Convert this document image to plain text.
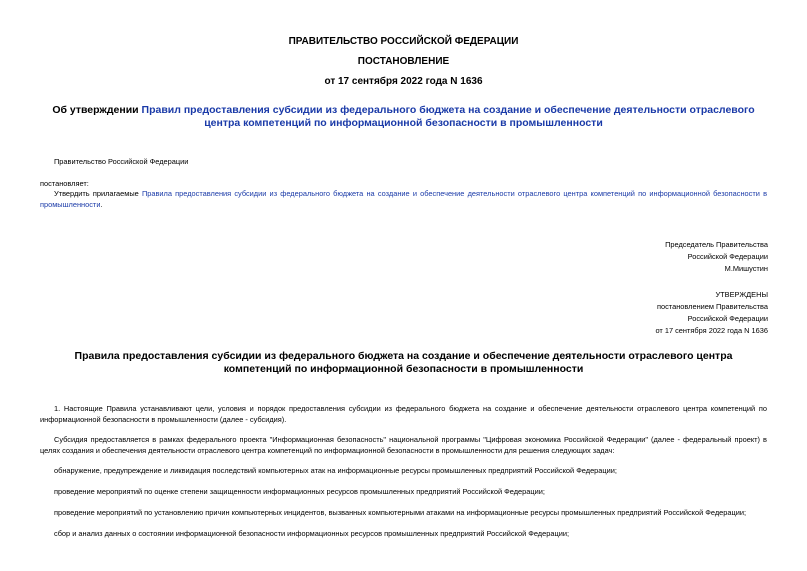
ПРАВИТЕЛЬСТВО РОССИЙСКОЙ ФЕДЕРАЦИИ
ПОСТАНОВЛЕНИЕ
от 17 сентября 2022 года N 1636
Об утверждении Правил предоставления субсидии из федерального бюджета на создание и обеспечение деятельности отраслевого центра компетенций по информационной безопасности в промышленности
Правительство Российской Федерации
постановляет:
Утвердить прилагаемые Правила предоставления субсидии из федерального бюджета на создание и обеспечение деятельности отраслевого центра компетенций по информационной безопасности в промышленности.
Председатель Правительства
Российской Федерации
М.Мишустин
УТВЕРЖДЕНЫ
постановлением Правительства
Российской Федерации
от 17 сентября 2022 года N 1636
Правила предоставления субсидии из федерального бюджета на создание и обеспечение деятельности отраслевого центра компетенций по информационной безопасности в промышленности
1. Настоящие Правила устанавливают цели, условия и порядок предоставления субсидии из федерального бюджета на создание и обеспечение деятельности отраслевого центра компетенций по информационной безопасности в промышленности (далее - субсидия).
Субсидия предоставляется в рамках федерального проекта "Информационная безопасность" национальной программы "Цифровая экономика Российской Федерации" (далее - федеральный проект) в целях создания и обеспечения деятельности отраслевого центра компетенций по информационной безопасности в промышленности для решения следующих задач:
обнаружение, предупреждение и ликвидация последствий компьютерных атак на информационные ресурсы промышленных предприятий Российской Федерации;
проведение мероприятий по оценке степени защищенности информационных ресурсов промышленных предприятий Российской Федерации;
проведение мероприятий по установлению причин компьютерных инцидентов, вызванных компьютерными атаками на информационные ресурсы промышленных предприятий Российской Федерации;
сбор и анализ данных о состоянии информационной безопасности информационных ресурсов промышленных предприятий Российской Федерации;
